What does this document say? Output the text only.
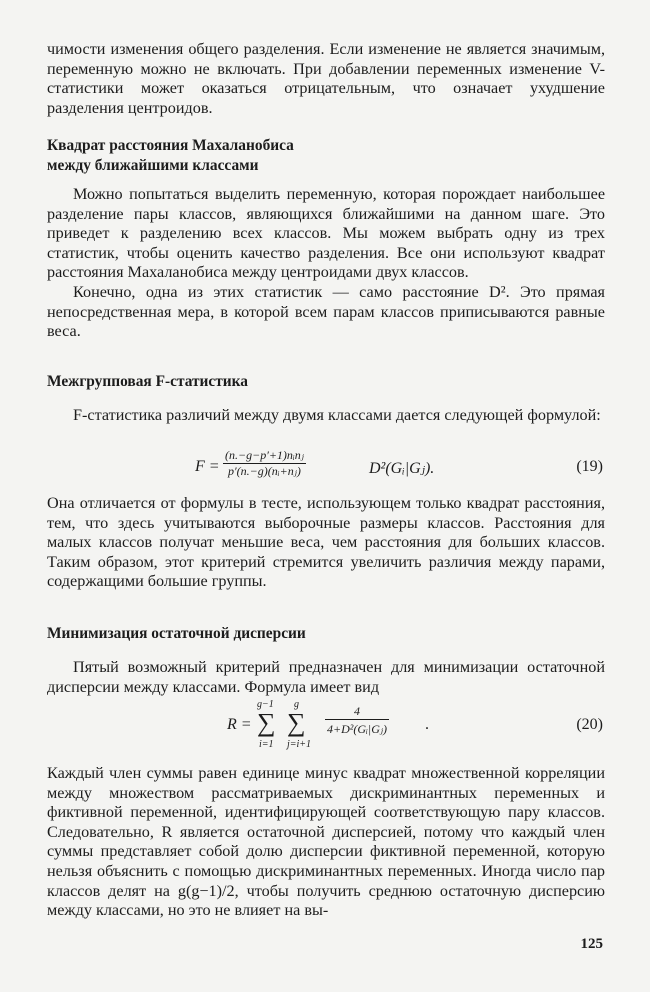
чимости изменения общего разделения. Если изменение не является значимым, переменную можно не включать. При добавлении переменных изменение V-статистики может оказаться отрицательным, что означает ухудшение разделения центроидов.

Квадрат расстояния Махаланобиса

между ближайшими классами

Можно попытаться выделить переменную, которая порождает наибольшее разделение пары классов, являющихся ближайшими на данном шаге. Это приведет к разделению всех классов. Мы можем выбрать одну из трех статистик, чтобы оценить качество разделения. Все они используют квадрат расстояния Махаланобиса между центроидами двух классов.

Конечно, одна из этих статистик — само расстояние D². Это прямая непосредственная мера, в которой всем парам классов приписываются равные веса.

Межгрупповая F-статистика

F-статистика различий между двумя классами дается следующей формулой:

F =
(n.−g−p′+1)nᵢnⱼ
p′(n.−g)(nᵢ+nⱼ)	D²(Gᵢ|Gⱼ).	(19)

Она отличается от формулы в тесте, использующем только квадрат расстояния, тем, что здесь учитываются выборочные размеры классов. Расстояния для малых классов получат меньшие веса, чем расстояния для больших классов. Таким образом, этот критерий стремится увеличить различия между парами, содержащими большие группы.

Минимизация остаточной дисперсии

Пятый возможный критерий предназначен для минимизации остаточной дисперсии между классами. Формула имеет вид

R =
g−1
∑
i=1
g
∑
j=i+1
$\frac{4}{\text{4+D²(Gᵢ|Gⱼ)}}$ .	(20)

Каждый член суммы равен единице минус квадрат множественной корреляции между множеством рассматриваемых дискриминантных переменных и фиктивной переменной, идентифицирующей соответствующую пару классов. Следовательно, R является остаточной дисперсией, потому что каждый член суммы представляет собой долю дисперсии фиктивной переменной, которую нельзя объяснить с помощью дискриминантных переменных. Иногда число пар классов делят на g(g−1)/2, чтобы получить среднюю остаточную дисперсию между классами, но это не влияет на вы-

125
